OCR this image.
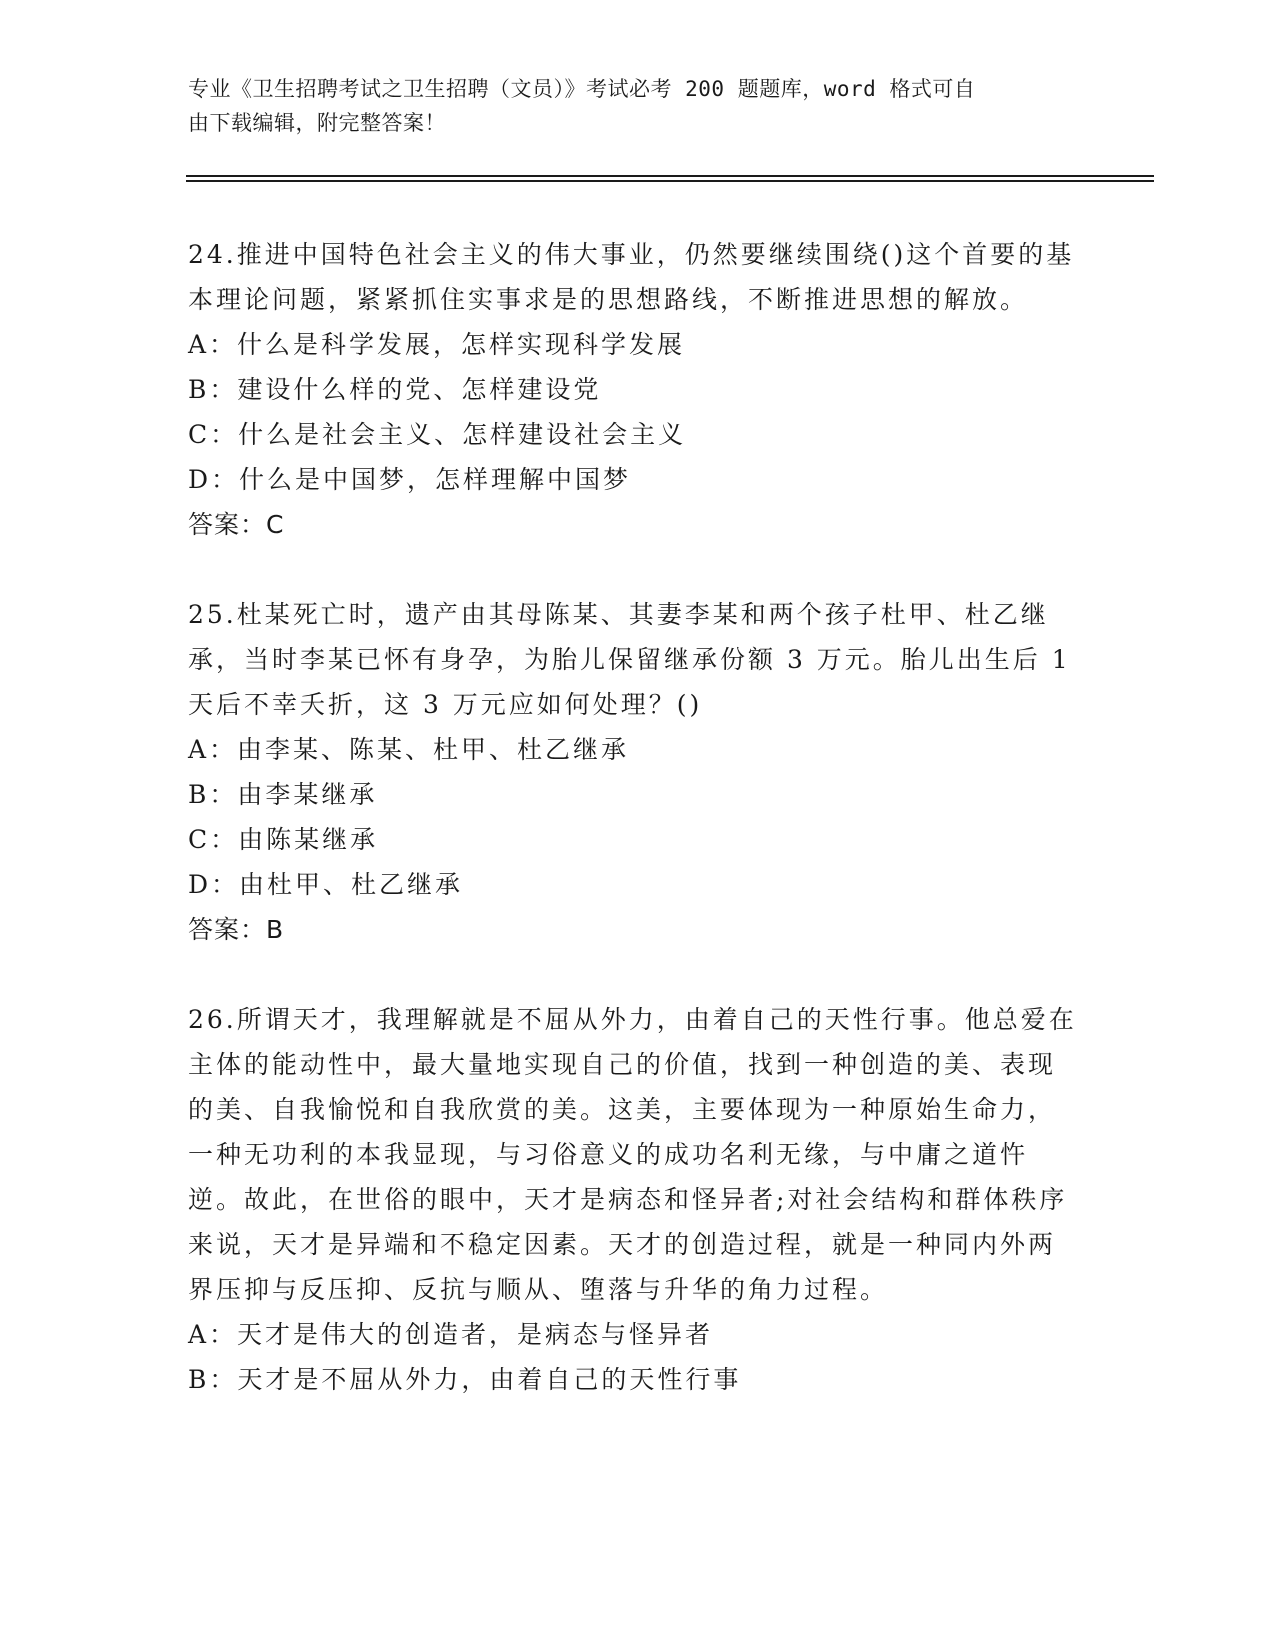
专业《卫生招聘考试之卫生招聘（文员）》考试必考 200 题题库，word 格式可自
由下载编辑，附完整答案！

24.推进中国特色社会主义的伟大事业，仍然要继续围绕()这个首要的基本理论问题，紧紧抓住实事求是的思想路线，不断推进思想的解放。

A：什么是科学发展，怎样实现科学发展

B：建设什么样的党、怎样建设党

C：什么是社会主义、怎样建设社会主义

D：什么是中国梦，怎样理解中国梦

答案：C

25.杜某死亡时，遗产由其母陈某、其妻李某和两个孩子杜甲、杜乙继承，当时李某已怀有身孕，为胎儿保留继承份额 3 万元。胎儿出生后 1 天后不幸夭折，这 3 万元应如何处理？()

A：由李某、陈某、杜甲、杜乙继承

B：由李某继承

C：由陈某继承

D：由杜甲、杜乙继承

答案：B

26.所谓天才，我理解就是不屈从外力，由着自己的天性行事。他总爱在主体的能动性中，最大量地实现自己的价值，找到一种创造的美、表现的美、自我愉悦和自我欣赏的美。这美，主要体现为一种原始生命力，一种无功利的本我显现，与习俗意义的成功名利无缘，与中庸之道忤逆。故此，在世俗的眼中，天才是病态和怪异者;对社会结构和群体秩序来说，天才是异端和不稳定因素。天才的创造过程，就是一种同内外两界压抑与反压抑、反抗与顺从、堕落与升华的角力过程。

A：天才是伟大的创造者，是病态与怪异者

B：天才是不屈从外力，由着自己的天性行事
